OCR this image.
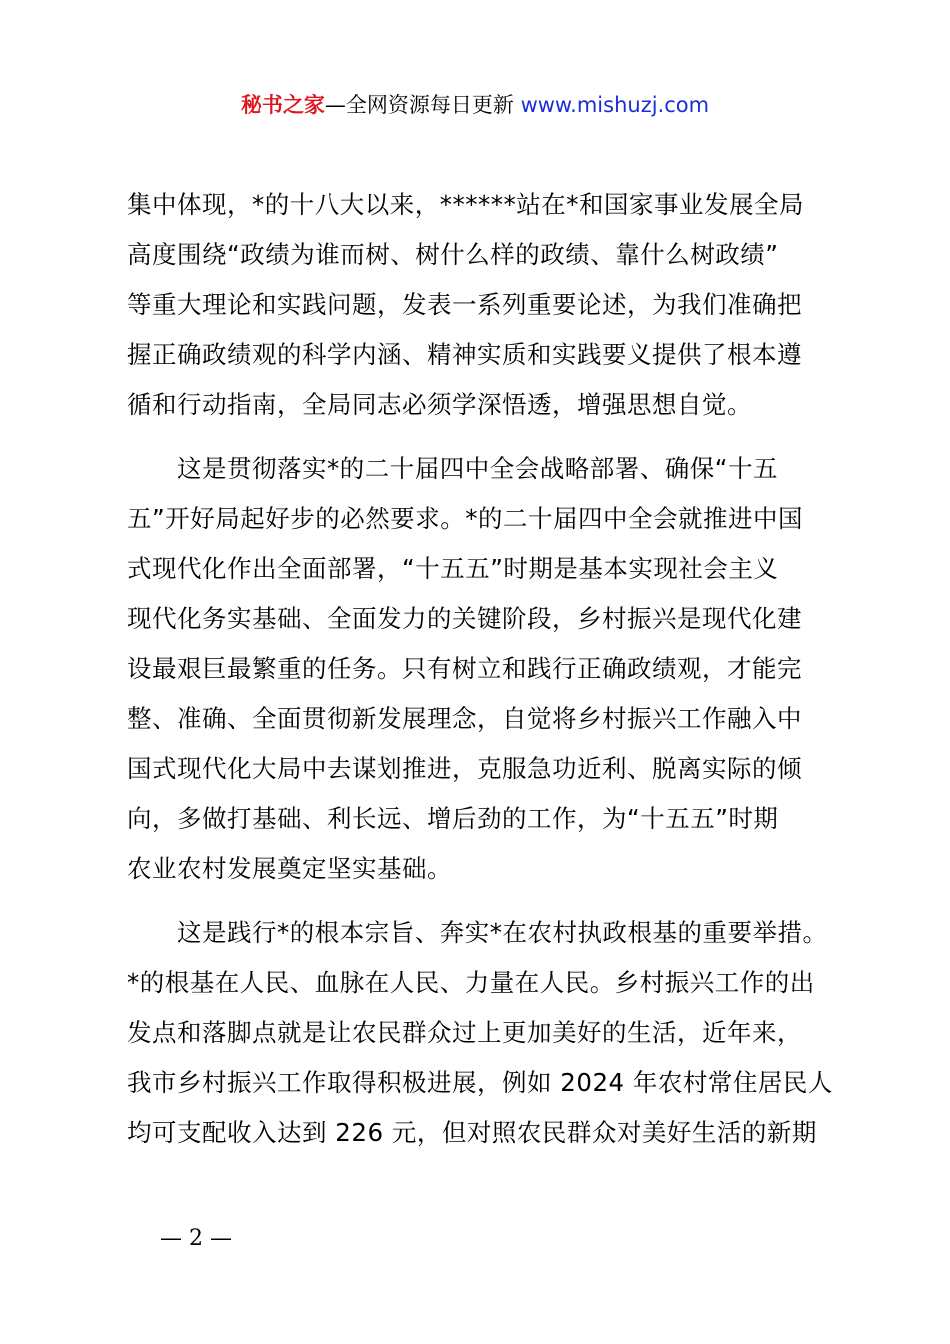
秘书之家—全网资源每日更新 www.mishuzj.com
集中体现，*的十八大以来，******站在*和国家事业发展全局
高度围绕“政绩为谁而树、树什么样的政绩、靠什么树政绩”
等重大理论和实践问题，发表一系列重要论述，为我们准确把
握正确政绩观的科学内涵、精神实质和实践要义提供了根本遵
循和行动指南，全局同志必须学深悟透，增强思想自觉。
这是贯彻落实*的二十届四中全会战略部署、确保“十五
五”开好局起好步的必然要求。*的二十届四中全会就推进中国
式现代化作出全面部署，“十五五”时期是基本实现社会主义
现代化务实基础、全面发力的关键阶段，乡村振兴是现代化建
设最艰巨最繁重的任务。只有树立和践行正确政绩观，才能完
整、准确、全面贯彻新发展理念，自觉将乡村振兴工作融入中
国式现代化大局中去谋划推进，克服急功近利、脱离实际的倾
向，多做打基础、利长远、增后劲的工作，为“十五五”时期
农业农村发展奠定坚实基础。
这是践行*的根本宗旨、奔实*在农村执政根基的重要举措。
*的根基在人民、血脉在人民、力量在人民。乡村振兴工作的出
发点和落脚点就是让农民群众过上更加美好的生活，近年来，
我市乡村振兴工作取得积极进展，例如 2024 年农村常住居民人
均可支配收入达到 226 元，但对照农民群众对美好生活的新期
— 2 —
